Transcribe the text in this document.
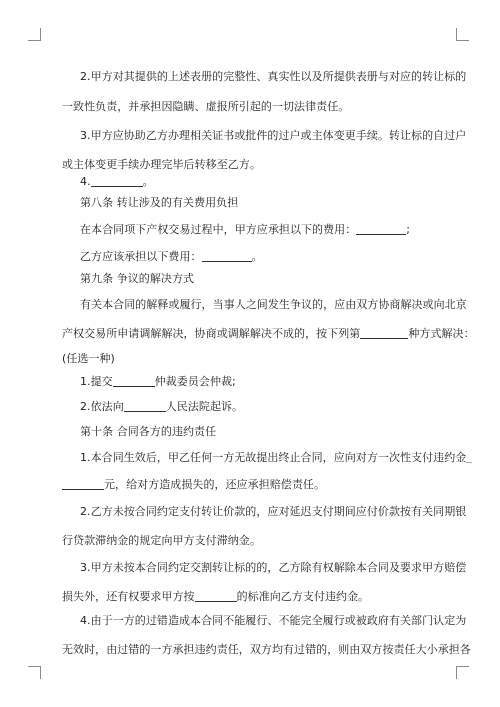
2.甲方对其提供的上述表册的完整性、真实性以及所提供表册与对应的转让标的
一致性负责，并承担因隐瞒、虚报所引起的一切法律责任。
3.甲方应协助乙方办理相关证书或批件的过户或主体变更手续。转让标的自过户
或主体变更手续办理完毕后转移至乙方。
4.	。
第八条 转让涉及的有关费用负担
在本合同项下产权交易过程中，甲方应承担以下的费用：	;
乙方应该承担以下费用：	。
第九条 争议的解决方式
有关本合同的解释或履行，当事人之间发生争议的，应由双方协商解决或向北京
产权交易所申请调解解决，协商或调解解决不成的，按下列第	种方式解决：
(任选一种)
1.提交	仲裁委员会仲裁;
2.依法向	人民法院起诉。
第十条 合同各方的违约责任
1.本合同生效后，甲乙任何一方无故提出终止合同，应向对方一次性支付违约金
元，给对方造成损失的，还应承担赔偿责任。
2.乙方未按合同约定支付转让价款的，应对延迟支付期间应付价款按有关同期银
行贷款滞纳金的规定向甲方支付滞纳金。
3.甲方未按本合同约定交割转让标的的，乙方除有权解除本合同及要求甲方赔偿
损失外，还有权要求甲方按	的标准向乙方支付违约金。
4.由于一方的过错造成本合同不能履行、不能完全履行或被政府有关部门认定为
无效时，由过错的一方承担违约责任，双方均有过错的，则由双方按责任大小承担各
